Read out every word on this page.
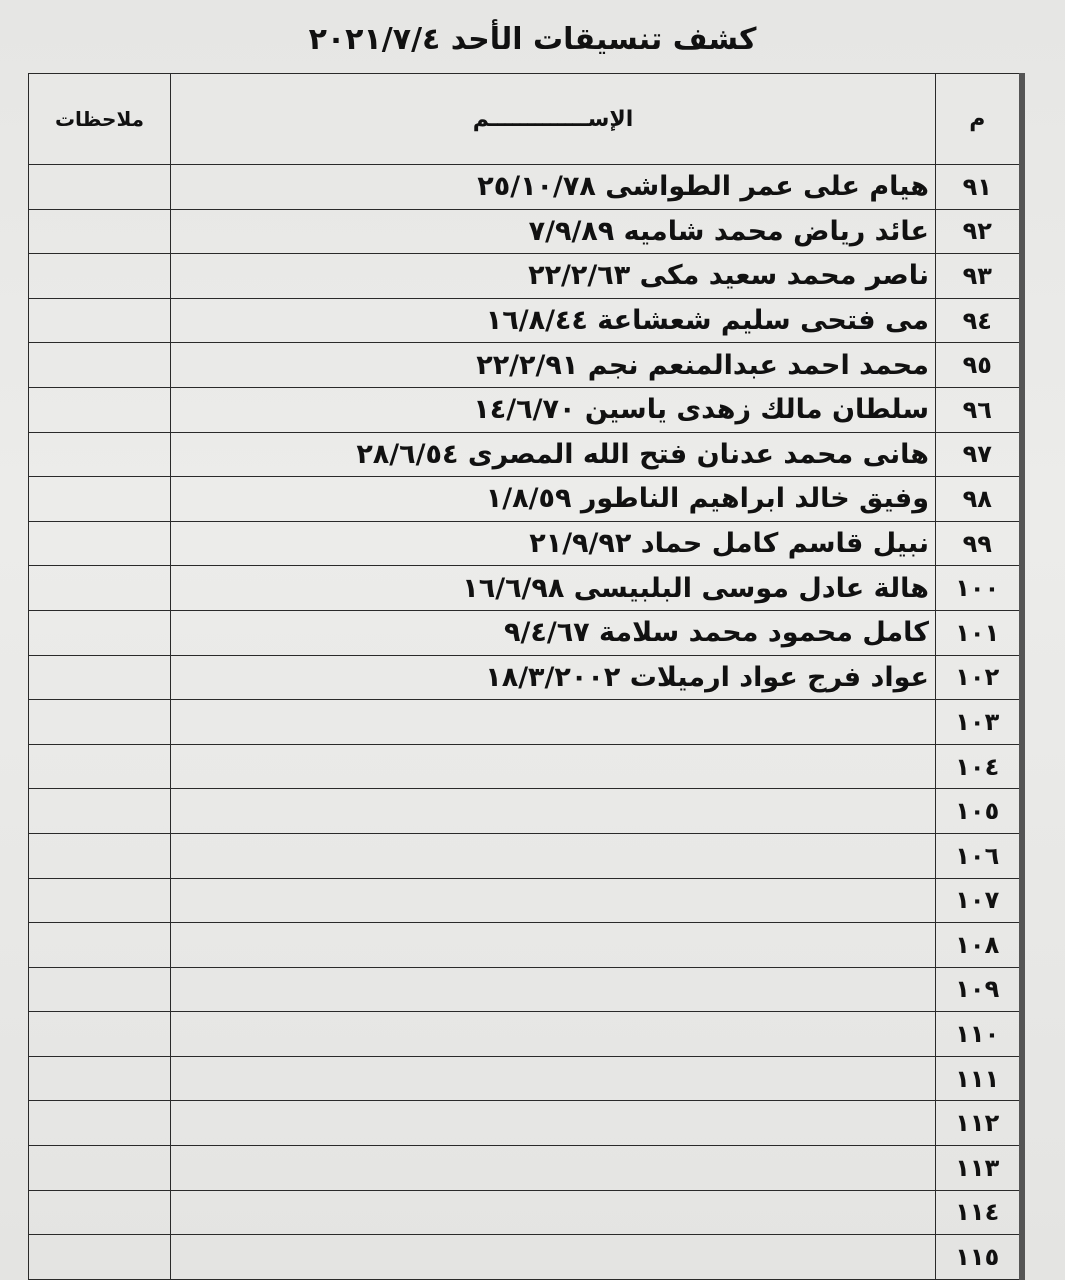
كشف تنسيقات الأحد ٢٠٢١/٧/٤
م	الإســـــــــــــم	ملاحظات
٩١	هيام على عمر الطواشى ٢٥/١٠/٧٨	
٩٢	عائد رياض محمد شاميه ٧/٩/٨٩	
٩٣	ناصر محمد سعيد مكى ٢٢/٢/٦٣	
٩٤	مى فتحى سليم شعشاعة ١٦/٨/٤٤	
٩٥	محمد احمد عبدالمنعم نجم ٢٢/٢/٩١	
٩٦	سلطان مالك زهدى ياسين ١٤/٦/٧٠	
٩٧	هانى محمد عدنان فتح الله المصرى ٢٨/٦/٥٤	
٩٨	وفيق خالد ابراهيم الناطور ١/٨/٥٩	
٩٩	نبيل قاسم كامل حماد ٢١/٩/٩٢	
١٠٠	هالة عادل موسى البلبيسى ١٦/٦/٩٨	
١٠١	كامل محمود محمد سلامة ٩/٤/٦٧	
١٠٢	عواد فرج عواد ارميلات ١٨/٣/٢٠٠٢	
١٠٣		
١٠٤		
١٠٥		
١٠٦		
١٠٧		
١٠٨		
١٠٩		
١١٠		
١١١		
١١٢		
١١٣		
١١٤		
١١٥		
